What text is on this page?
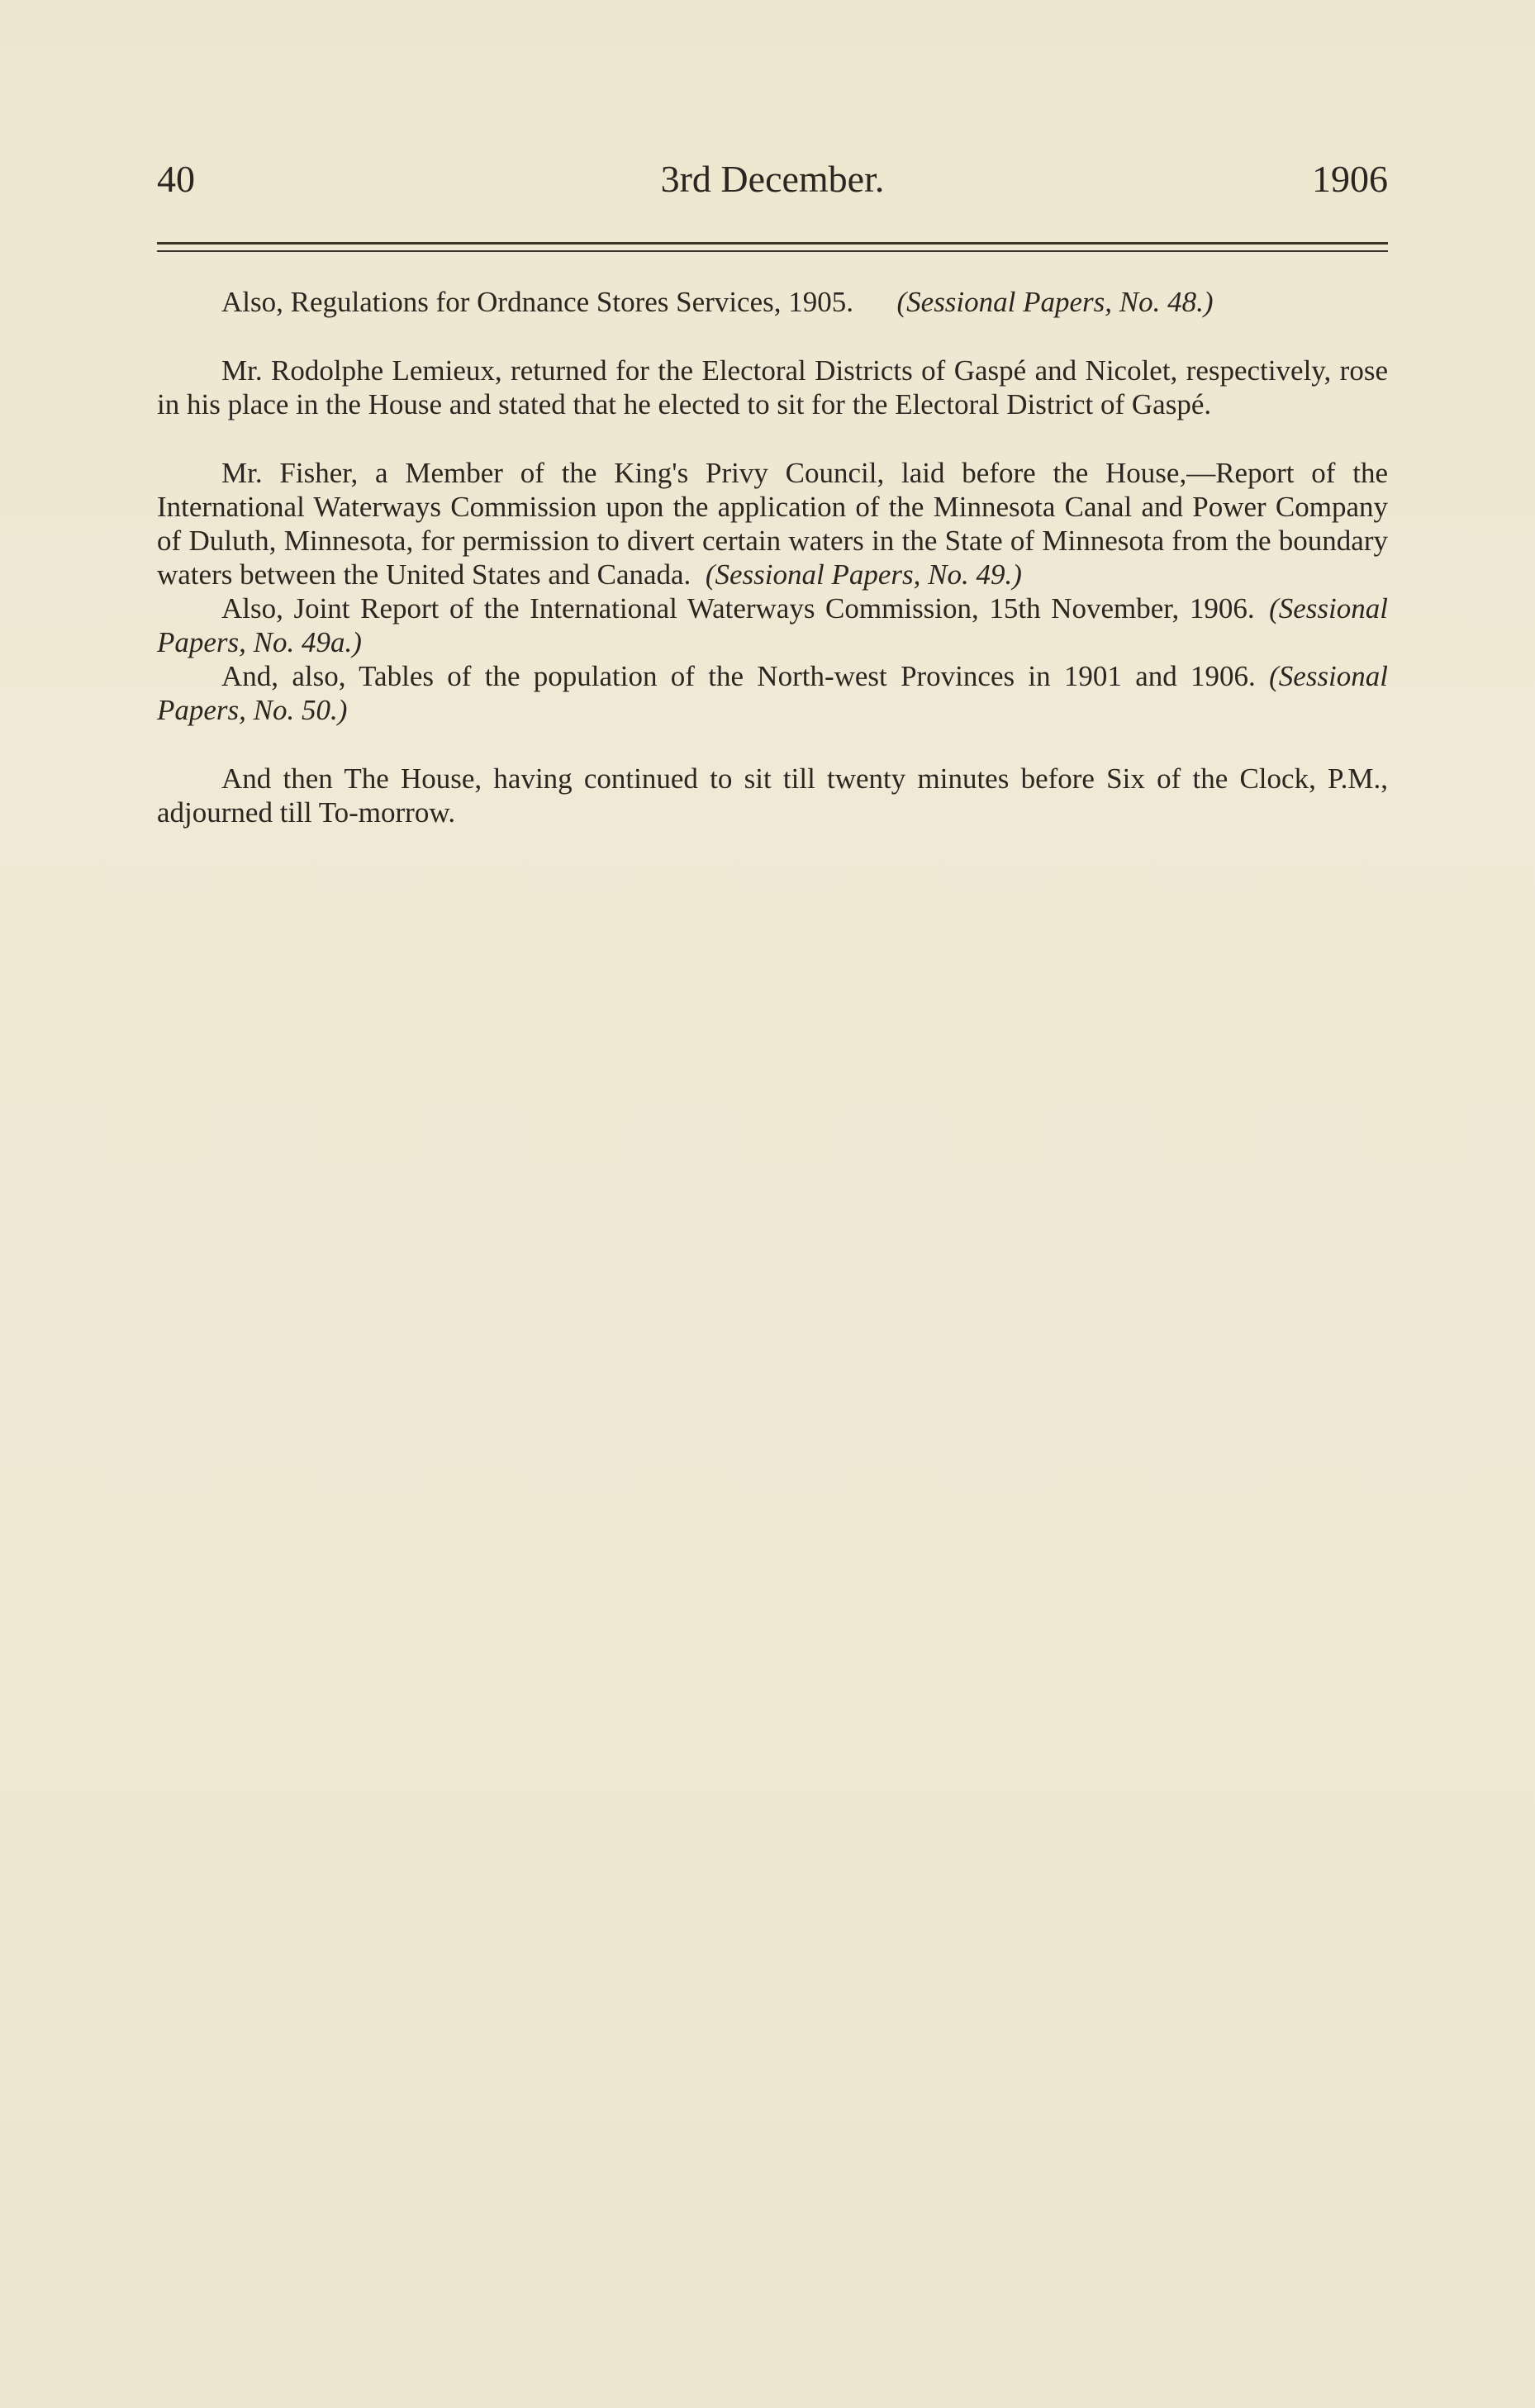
40	3rd December.	1906

Also, Regulations for Ordnance Stores Services, 1905.   (Sessional Papers, No. 48.)

Mr. Rodolphe Lemieux, returned for the Electoral Districts of Gaspé and Nicolet, respectively, rose in his place in the House and stated that he elected to sit for the Electoral District of Gaspé.

Mr. Fisher, a Member of the King's Privy Council, laid before the House,—Report of the International Waterways Commission upon the application of the Minnesota Canal and Power Company of Duluth, Minnesota, for permission to divert certain waters in the State of Minnesota from the boundary waters between the United States and Canada.  (Sessional Papers, No. 49.)

Also, Joint Report of the International Waterways Commission, 15th November, 1906.  (Sessional Papers, No. 49a.)

And, also, Tables of the population of the North-west Provinces in 1901 and 1906. (Sessional Papers, No. 50.)

And then The House, having continued to sit till twenty minutes before Six of the Clock, P.M., adjourned till To-morrow.
